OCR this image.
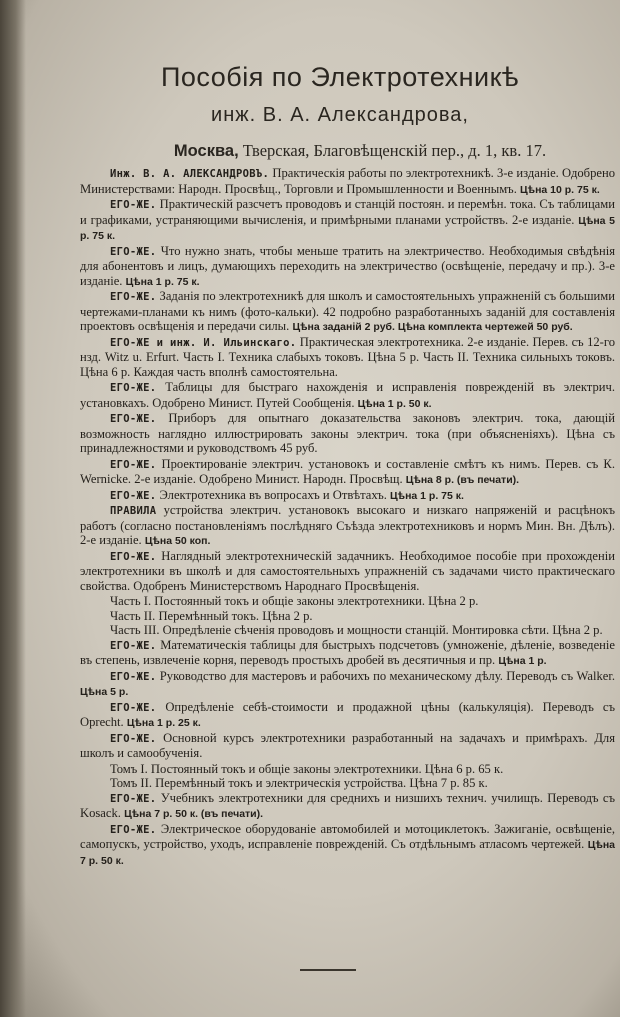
Пособія по Электротехникѣ
инж. В. А. Александрова,
Москва, Тверская, Благовѣщенскій пер., д. 1, кв. 17.

Инж. В. А. АЛЕКСАНДРОВЪ. Практическія работы по электротехникѣ. 3-е изданіе. Одобрено Министерствами: Народн. Просвѣщ., Торговли и Промышленности и Военнымъ. Цѣна 10 р. 75 к.

ЕГО-ЖЕ. Практическій разсчетъ проводовъ и станцій постоян. и перемѣн. тока. Съ таблицами и графиками, устраняющими вычисленія, и примѣрными планами устройствъ. 2-е изданіе. Цѣна 5 р. 75 к.

ЕГО-ЖЕ. Что нужно знать, чтобы меньше тратить на электричество. Необходимыя свѣдѣнія для абонентовъ и лицъ, думающихъ переходить на электричество (освѣщеніе, передачу и пр.). 3-е изданіе. Цѣна 1 р. 75 к.

ЕГО-ЖЕ. Заданія по электротехникѣ для школъ и самостоятельныхъ упражненій съ большими чертежами-планами къ нимъ (фото-кальки). 42 подробно разработанныхъ заданій для составленія проектовъ освѣщенія и передачи силы. Цѣна заданій 2 руб. Цѣна комплекта чертежей 50 руб.

ЕГО-ЖЕ и инж. И. Ильинскаго. Практическая электротехника. 2-е изданіе. Перев. съ 12-го нзд. Witz u. Erfurt. Часть I. Техника слабыхъ токовъ. Цѣна 5 р. Часть II. Техника сильныхъ токовъ. Цѣна 6 р. Каждая часть вполнѣ самостоятельна.

ЕГО-ЖЕ. Таблицы для быстраго нахожденія и исправленія поврежденій въ электрич. установкахъ. Одобрено Минист. Путей Сообщенія. Цѣна 1 р. 50 к.

ЕГО-ЖЕ. Приборъ для опытнаго доказательства законовъ электрич. тока, дающій возможность наглядно иллюстрировать законы электрич. тока (при объясненіяхъ). Цѣна съ принадлежностями и руководствомъ 45 руб.

ЕГО-ЖЕ. Проектированіе электрич. установокъ и составленіе смѣтъ къ нимъ. Перев. съ К. Wernicke. 2-е изданіе. Одобрено Минист. Народн. Просвѣщ. Цѣна 8 р. (въ печати).

ЕГО-ЖЕ. Электротехника въ вопросахъ и Отвѣтахъ. Цѣна 1 р. 75 к.

ПРАВИЛА устройства электрич. установокъ высокаго и низкаго напряженій и расцѣнокъ работъ (согласно постановленіямъ послѣдняго Съѣзда электротехниковъ и нормъ Мин. Вн. Дѣлъ). 2-е изданіе. Цѣна 50 коп.

ЕГО-ЖЕ. Наглядный электротехническій задачникъ. Необходимое пособіе при прохожденіи электротехники въ школѣ и для самостоятельныхъ упражненій съ задачами чисто практическаго свойства. Одобренъ Министерствомъ Народнаго Просвѣщенія.

Часть I. Постоянный токъ и общіе законы электротехники. Цѣна 2 р.

Часть II. Перемѣнный токъ. Цѣна 2 р.

Часть III. Опредѣленіе сѣченія проводовъ и мощности станцій. Монтировка сѣти. Цѣна 2 р.

ЕГО-ЖЕ. Математическія таблицы для быстрыхъ подсчетовъ (умноженіе, дѣленіе, возведеніе въ степень, извлеченіе корня, переводъ простыхъ дробей въ десятичныя и пр. Цѣна 1 р.

ЕГО-ЖЕ. Руководство для мастеровъ и рабочихъ по механическому дѣлу. Переводъ съ Walker. Цѣна 5 р.

ЕГО-ЖЕ. Опредѣленіе себѣ-стоимости и продажной цѣны (калькуляція). Переводъ съ Oprecht. Цѣна 1 р. 25 к.

ЕГО-ЖЕ. Основной курсъ электротехники разработанный на задачахъ и примѣрахъ. Для школъ и самообученія.

Томъ I. Постоянный токъ и общіе законы электротехники. Цѣна 6 р. 65 к.

Томъ II. Перемѣнный токъ и электрическія устройства. Цѣна 7 р. 85 к.

ЕГО-ЖЕ. Учебникъ электротехники для среднихъ и низшихъ технич. училищъ. Переводъ съ Kosack. Цѣна 7 р. 50 к. (въ печати).

ЕГО-ЖЕ. Электрическое оборудованіе автомобилей и мотоциклетокъ. Зажиганіе, освѣщеніе, самопускъ, устройство, уходъ, исправленіе поврежденій. Съ отдѣльнымъ атласомъ чертежей. Цѣна 7 р. 50 к.
